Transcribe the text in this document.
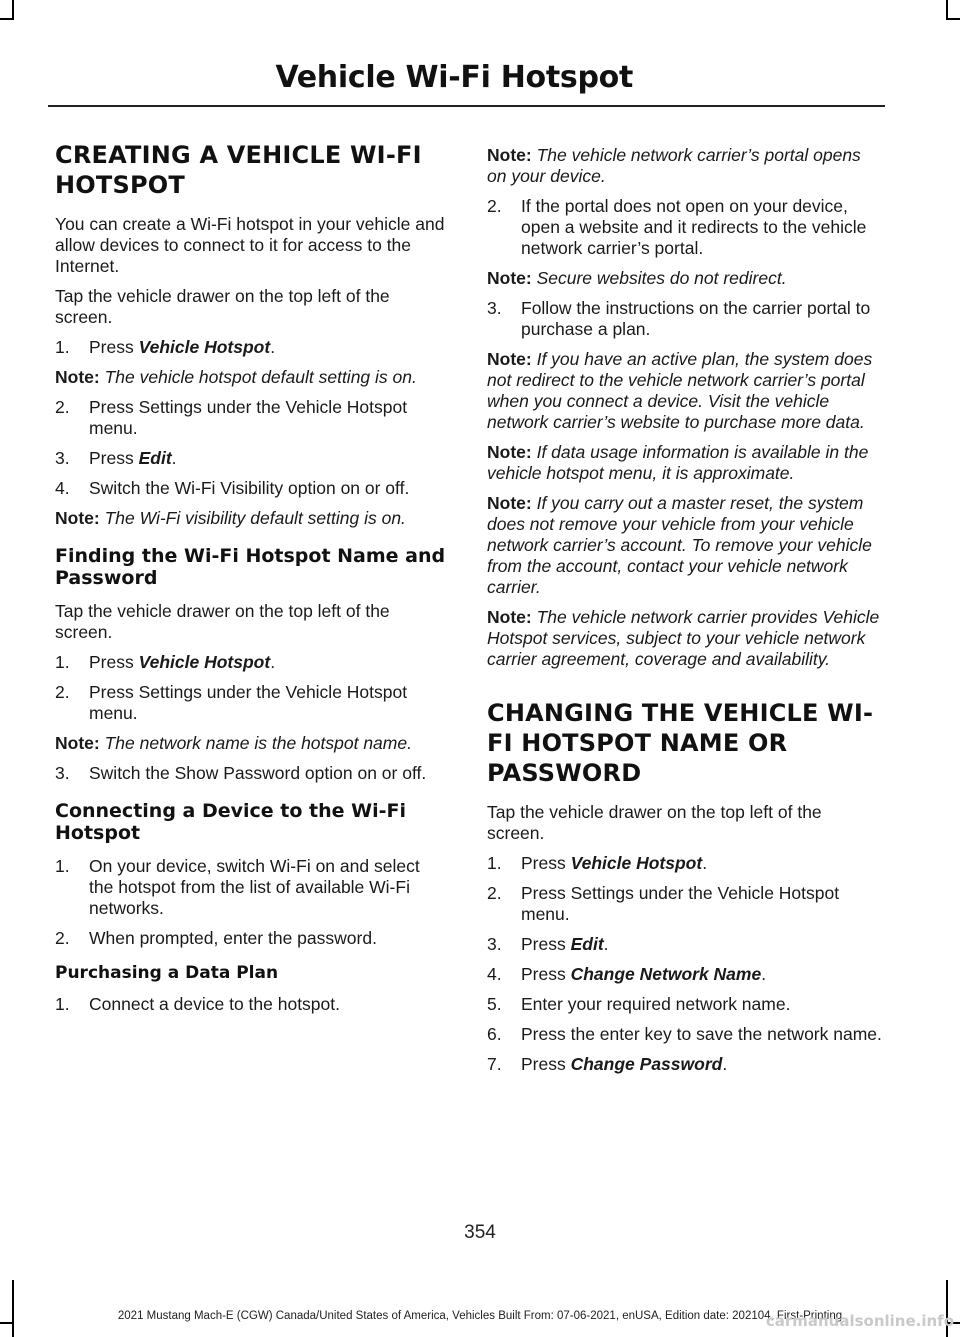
Vehicle Wi-Fi Hotspot
CREATING A VEHICLE WI-FI
HOTSPOT

You can create a Wi-Fi hotspot in your vehicle and allow devices to connect to it for access to the Internet.

Tap the vehicle drawer on the top left of the screen.

1. Press Vehicle Hotspot.

Note: The vehicle hotspot default setting is on.

2. Press Settings under the Vehicle Hotspot menu.
3. Press Edit.
4. Switch the Wi-Fi Visibility option on or off.

Note: The Wi-Fi visibility default setting is on.

Finding the Wi-Fi Hotspot Name and Password

Tap the vehicle drawer on the top left of the screen.

1. Press Vehicle Hotspot.
2. Press Settings under the Vehicle Hotspot menu.

Note: The network name is the hotspot name.

3. Switch the Show Password option on or off.
Connecting a Device to the Wi-Fi Hotspot
1. On your device, switch Wi-Fi on and select the hotspot from the list of available Wi-Fi networks.
2. When prompted, enter the password.
Purchasing a Data Plan
1. Connect a device to the hotspot.

Note: The vehicle network carrier’s portal opens on your device.

2. If the portal does not open on your device, open a website and it redirects to the vehicle network carrier’s portal.

Note: Secure websites do not redirect.

3. Follow the instructions on the carrier portal to purchase a plan.

Note: If you have an active plan, the system does not redirect to the vehicle network carrier’s portal when you connect a device. Visit the vehicle network carrier’s website to purchase more data.

Note: If data usage information is available in the vehicle hotspot menu, it is approximate.

Note: If you carry out a master reset, the system does not remove your vehicle from your vehicle network carrier’s account. To remove your vehicle from the account, contact your vehicle network carrier.

Note: The vehicle network carrier provides Vehicle Hotspot services, subject to your vehicle network carrier agreement, coverage and availability.

CHANGING THE VEHICLE WI-
FI HOTSPOT NAME OR
PASSWORD

Tap the vehicle drawer on the top left of the screen.

1. Press Vehicle Hotspot.
2. Press Settings under the Vehicle Hotspot menu.
3. Press Edit.
4. Press Change Network Name.
5. Enter your required network name.
6. Press the enter key to save the network name.
7. Press Change Password.
354
2021 Mustang Mach-E (CGW) Canada/United States of America, Vehicles Built From: 07-06-2021, enUSA, Edition date: 202104, First-Printing
carmanualsonline.info
